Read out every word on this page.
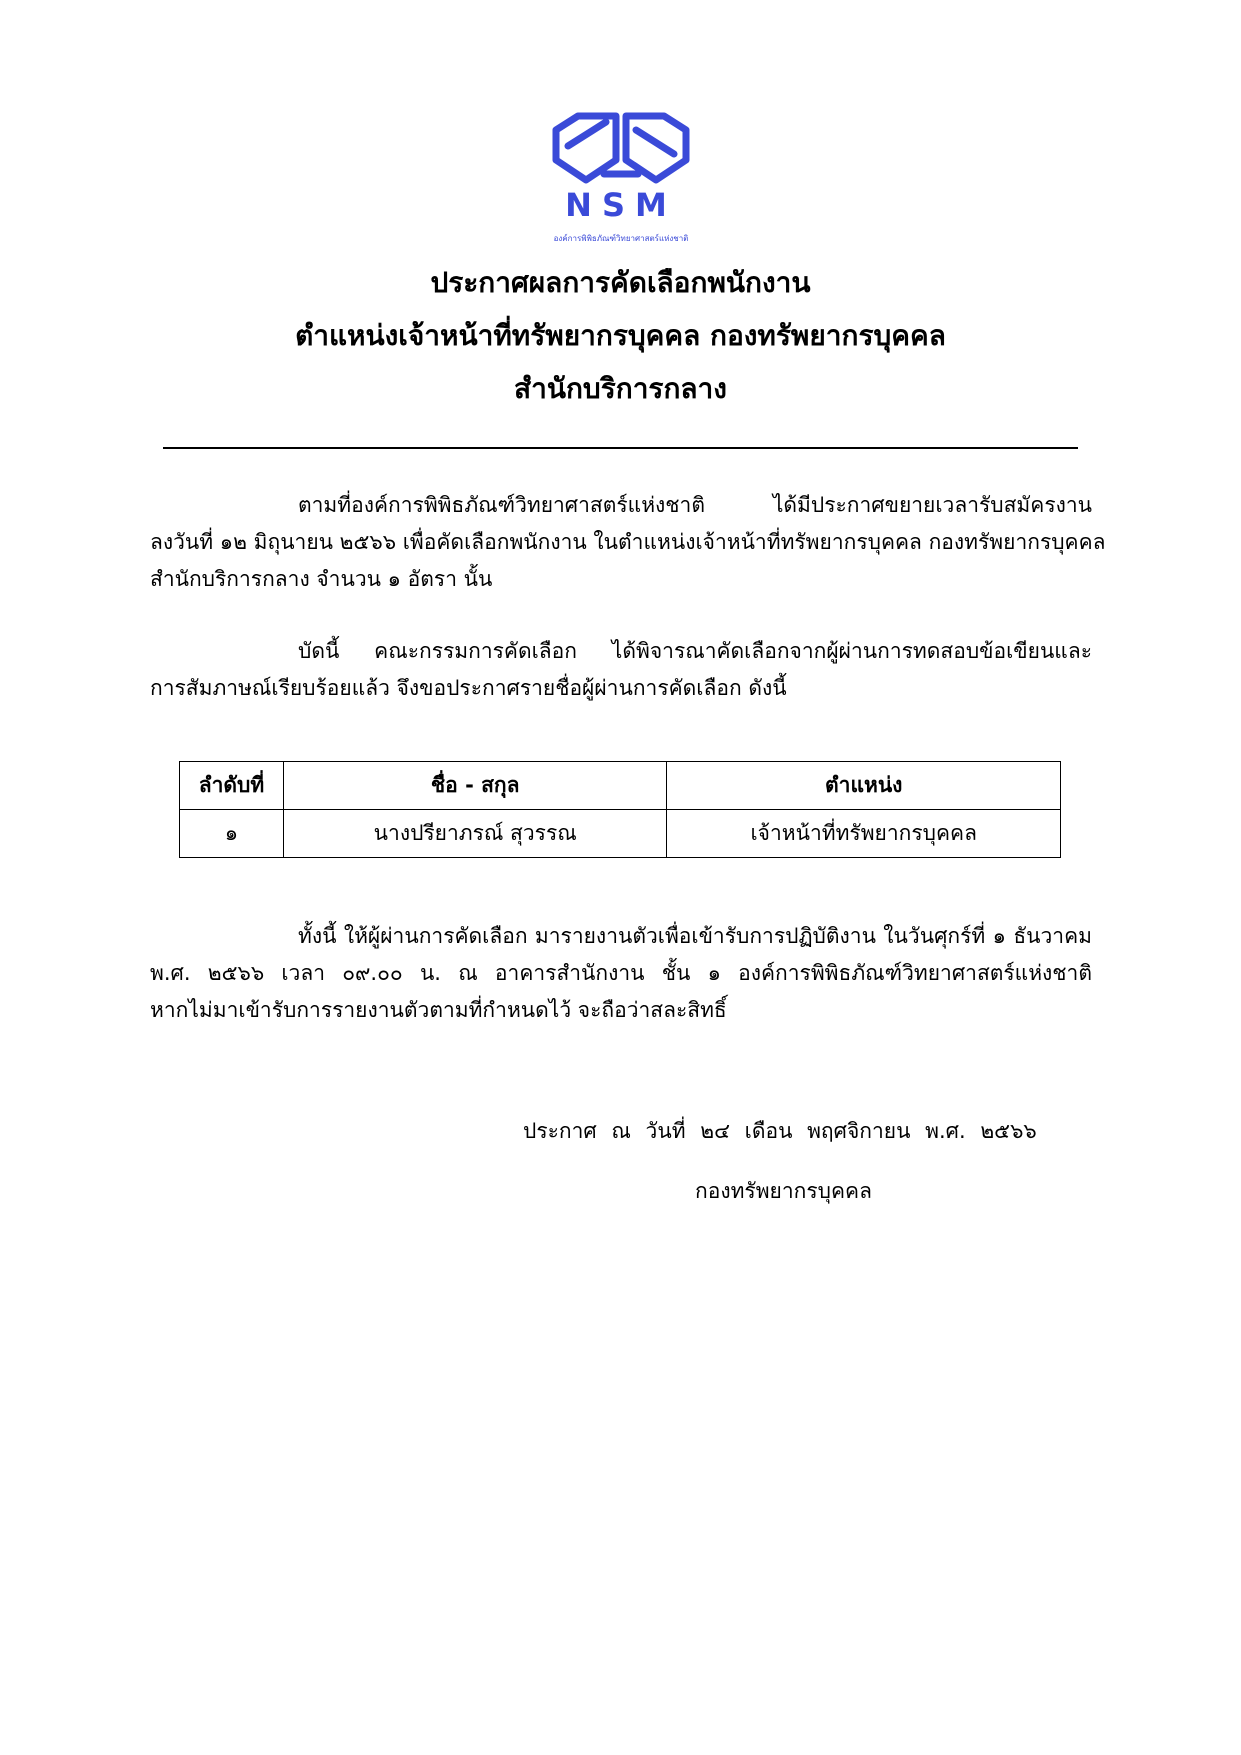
NSM
องค์การพิพิธภัณฑ์วิทยาศาสตร์แห่งชาติ
ประกาศผลการคัดเลือกพนักงาน
ตำแหน่งเจ้าหน้าที่ทรัพยากรบุคคล กองทรัพยากรบุคคล
สำนักบริการกลาง
ตามที่องค์การพิพิธภัณฑ์วิทยาศาสตร์แห่งชาติ ได้มีประกาศขยายเวลารับสมัครงาน
ลงวันที่ ๑๒ มิถุนายน ๒๕๖๖ เพื่อคัดเลือกพนักงาน ในตำแหน่งเจ้าหน้าที่ทรัพยากรบุคคล กองทรัพยากรบุคคล
สำนักบริการกลาง จำนวน ๑ อัตรา นั้น
บัดนี้ คณะกรรมการคัดเลือก ได้พิจารณาคัดเลือกจากผู้ผ่านการทดสอบข้อเขียนและ
การสัมภาษณ์เรียบร้อยแล้ว จึงขอประกาศรายชื่อผู้ผ่านการคัดเลือก ดังนี้
ลำดับที่	ชื่อ - สกุล	ตำแหน่ง
๑	นางปรียาภรณ์ สุวรรณ	เจ้าหน้าที่ทรัพยากรบุคคล
ทั้งนี้ ให้ผู้ผ่านการคัดเลือก มารายงานตัวเพื่อเข้ารับการปฏิบัติงาน ในวันศุกร์ที่ ๑ ธันวาคม
พ.ศ. ๒๕๖๖ เวลา ๐๙.๐๐ น. ณ อาคารสำนักงาน ชั้น ๑ องค์การพิพิธภัณฑ์วิทยาศาสตร์แห่งชาติ
หากไม่มาเข้ารับการรายงานตัวตามที่กำหนดไว้ จะถือว่าสละสิทธิ์
ประกาศ ณ วันที่ ๒๔ เดือน พฤศจิกายน พ.ศ. ๒๕๖๖
กองทรัพยากรบุคคล
